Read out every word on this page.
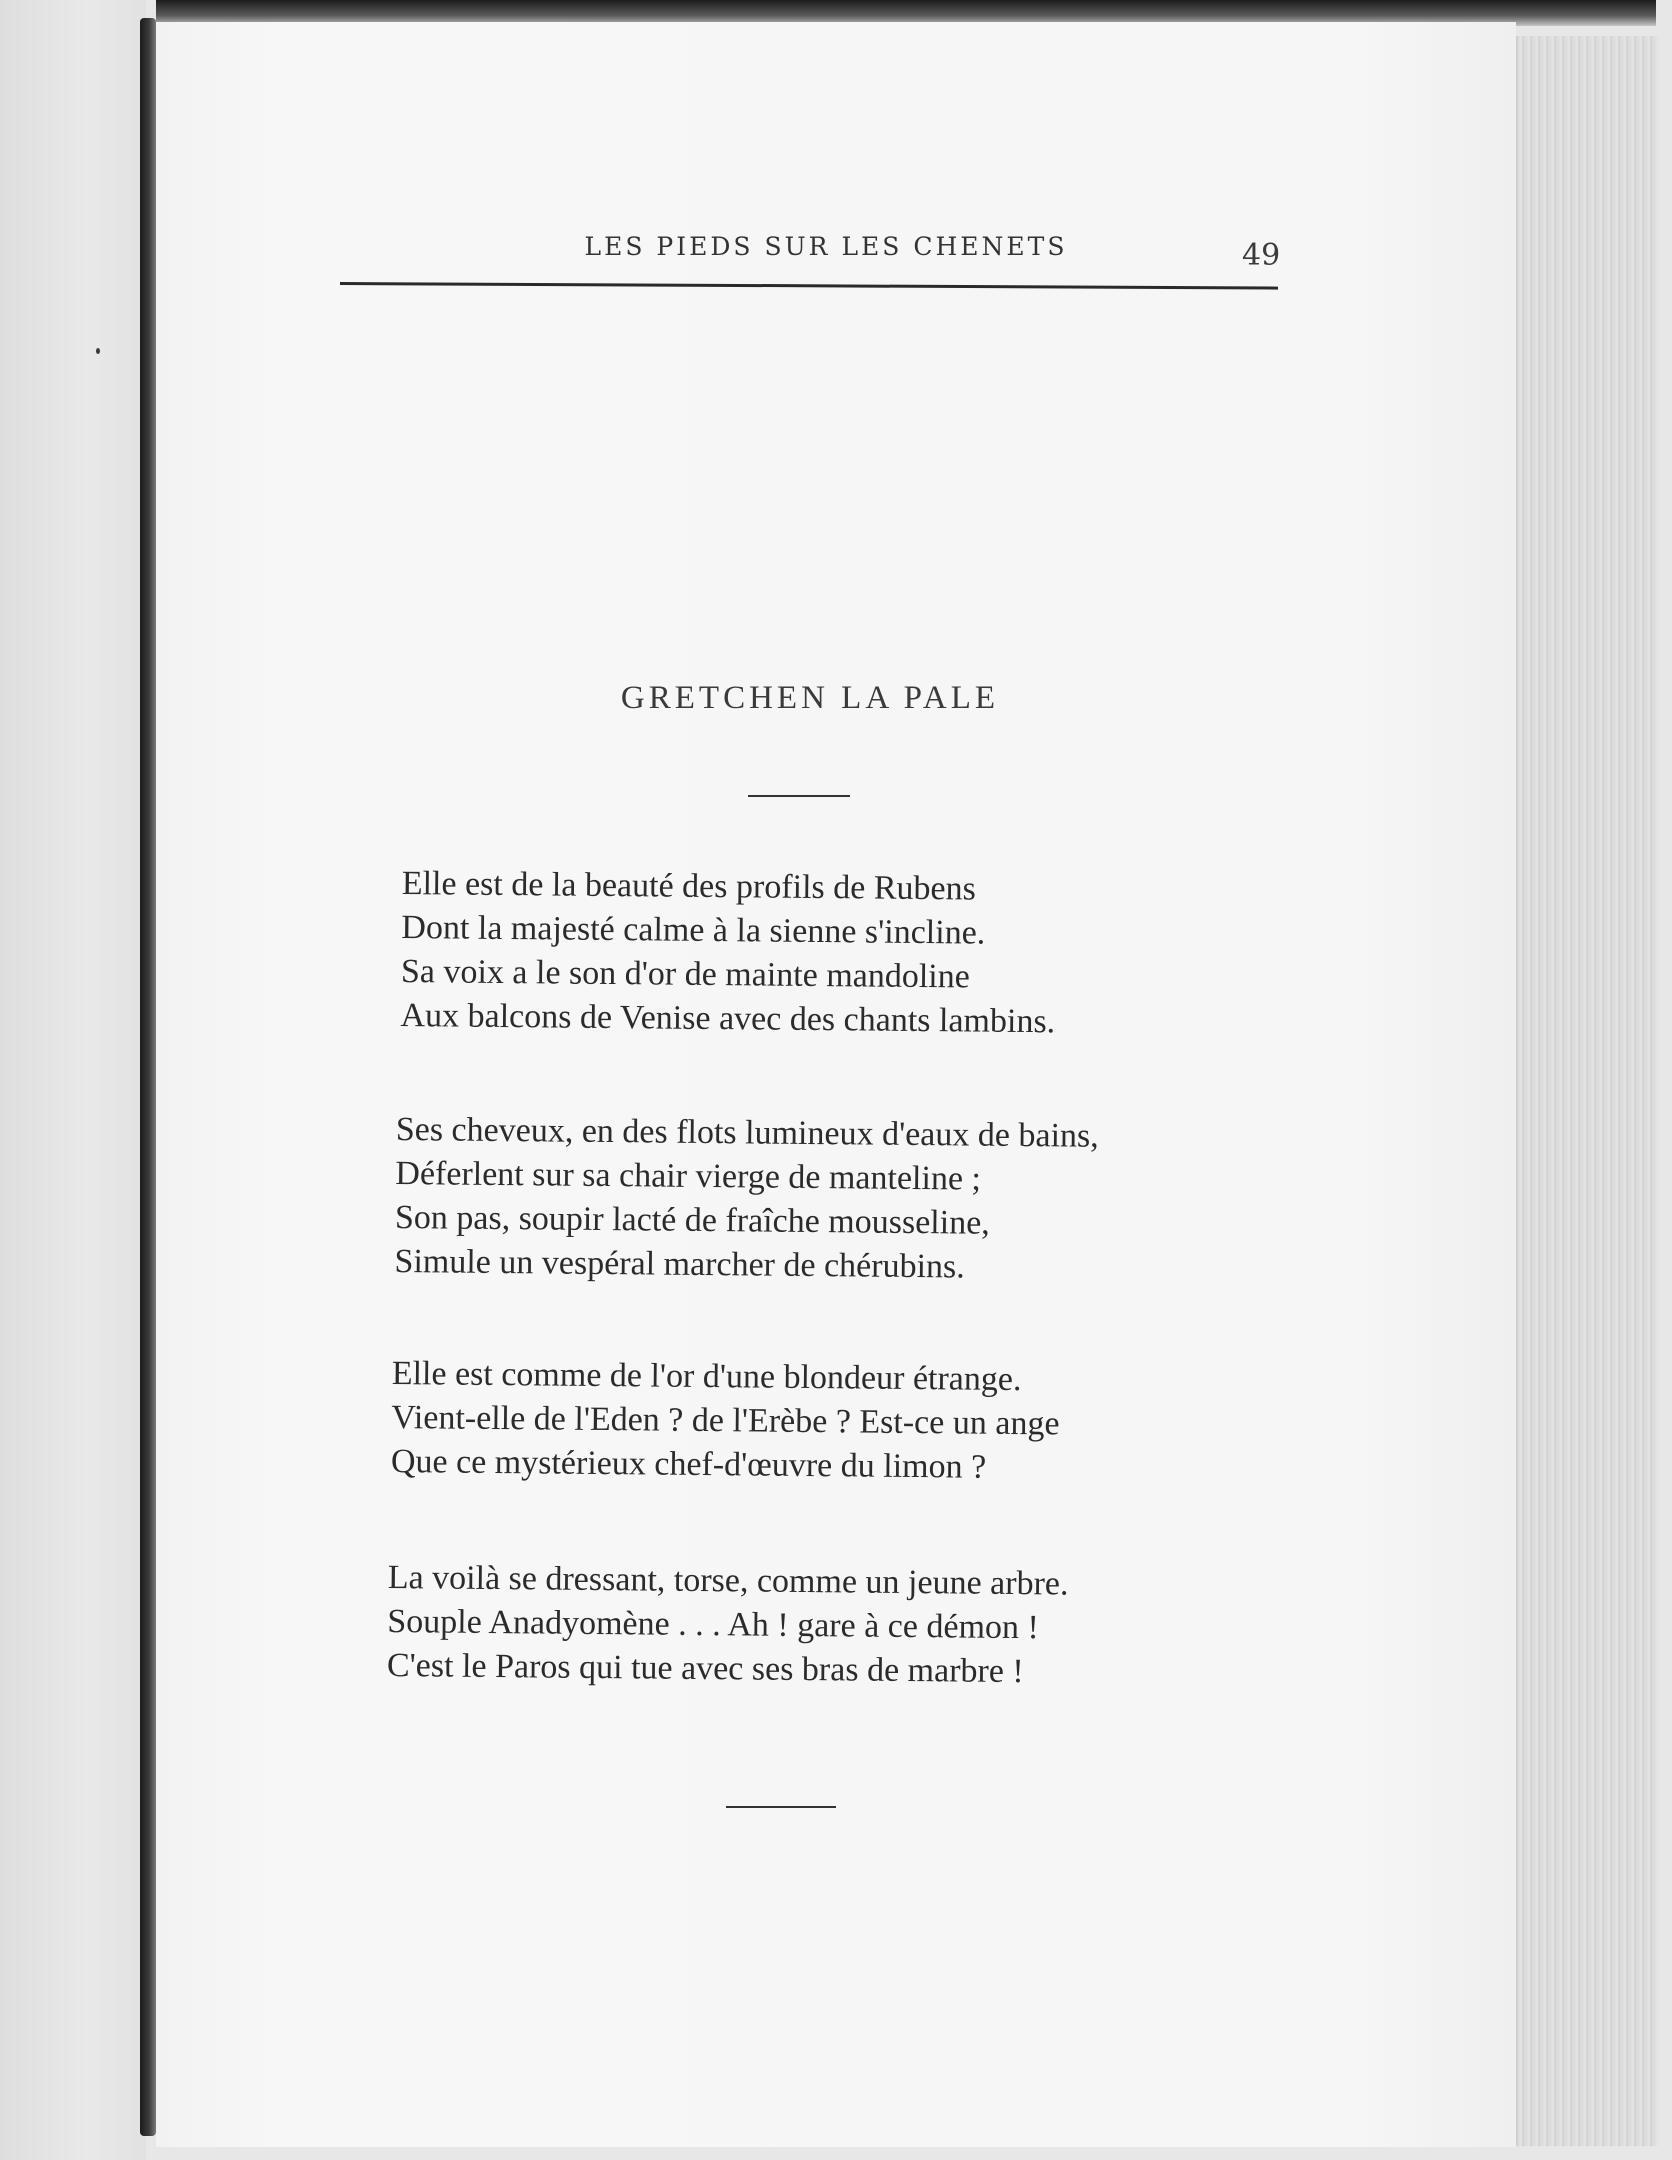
LES PIEDS SUR LES CHENETS	49
GRETCHEN LA PALE
Elle est de la beauté des profils de Rubens
Dont la majesté calme à la sienne s'incline.
Sa voix a le son d'or de mainte mandoline
Aux balcons de Venise avec des chants lambins.
Ses cheveux, en des flots lumineux d'eaux de bains,
Déferlent sur sa chair vierge de manteline ;
Son pas, soupir lacté de fraîche mousseline,
Simule un vespéral marcher de chérubins.
Elle est comme de l'or d'une blondeur étrange.
Vient-elle de l'Eden ? de l'Erèbe ? Est-ce un ange
Que ce mystérieux chef-d'œuvre du limon ?
La voilà se dressant, torse, comme un jeune arbre.
Souple Anadyomène . . . Ah ! gare à ce démon !
C'est le Paros qui tue avec ses bras de marbre !
